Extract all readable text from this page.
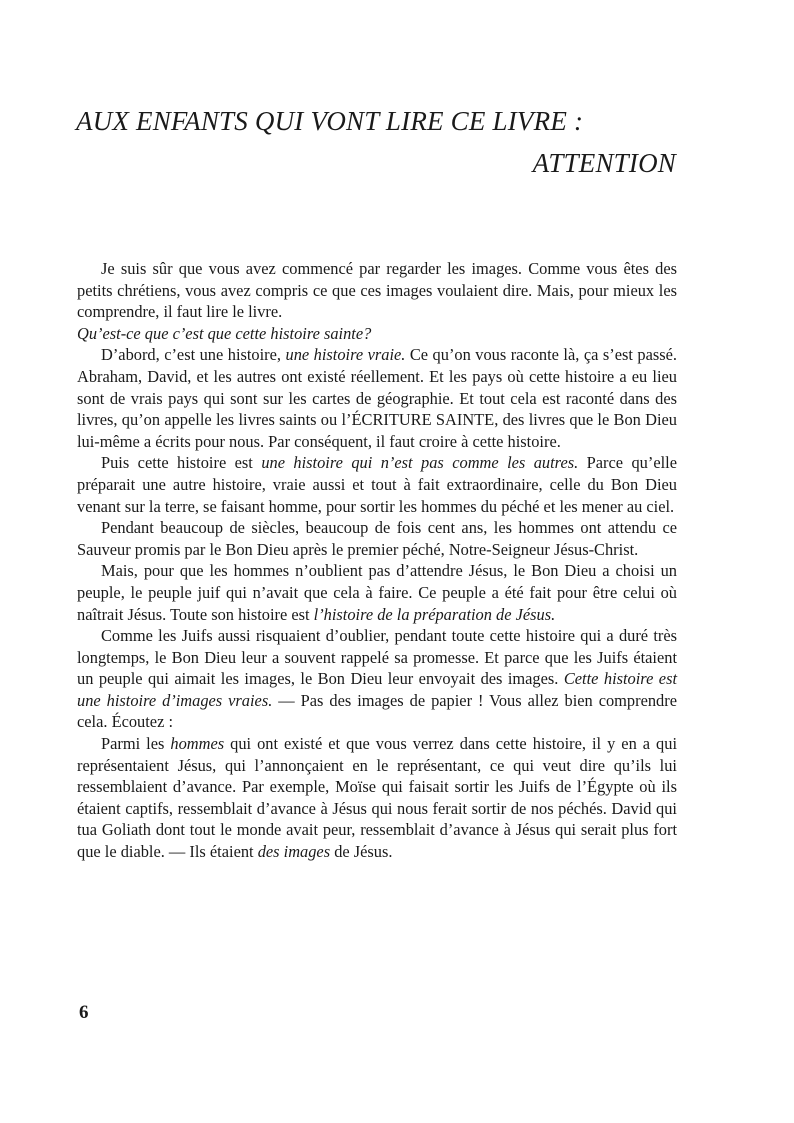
AUX ENFANTS QUI VONT LIRE CE LIVRE :
ATTENTION

Je suis sûr que vous avez commencé par regarder les images. Comme vous êtes des petits chrétiens, vous avez compris ce que ces images voulaient dire. Mais, pour mieux les comprendre, il faut lire le livre.

Qu’est-ce que c’est que cette histoire sainte?

D’abord, c’est une histoire, une histoire vraie. Ce qu’on vous raconte là, ça s’est passé. Abraham, David, et les autres ont existé réellement. Et les pays où cette histoire a eu lieu sont de vrais pays qui sont sur les cartes de géographie. Et tout cela est raconté dans des livres, qu’on appelle les livres saints ou l’ÉCRITURE SAINTE, des livres que le Bon Dieu lui-même a écrits pour nous. Par conséquent, il faut croire à cette histoire.

Puis cette histoire est une histoire qui n’est pas comme les autres. Parce qu’elle préparait une autre histoire, vraie aussi et tout à fait extraordinaire, celle du Bon Dieu venant sur la terre, se faisant homme, pour sortir les hommes du péché et les mener au ciel.

Pendant beaucoup de siècles, beaucoup de fois cent ans, les hommes ont attendu ce Sauveur promis par le Bon Dieu après le premier péché, Notre-Seigneur Jésus-Christ.

Mais, pour que les hommes n’oublient pas d’attendre Jésus, le Bon Dieu a choisi un peuple, le peuple juif qui n’avait que cela à faire. Ce peuple a été fait pour être celui où naîtrait Jésus. Toute son histoire est l’histoire de la préparation de Jésus.

Comme les Juifs aussi risquaient d’oublier, pendant toute cette histoire qui a duré très longtemps, le Bon Dieu leur a souvent rappelé sa promesse. Et parce que les Juifs étaient un peuple qui aimait les images, le Bon Dieu leur envoyait des images. Cette histoire est une histoire d’images vraies. — Pas des images de papier ! Vous allez bien comprendre cela. Écoutez :

Parmi les hommes qui ont existé et que vous verrez dans cette histoire, il y en a qui représentaient Jésus, qui l’annonçaient en le représentant, ce qui veut dire qu’ils lui ressemblaient d’avance. Par exemple, Moïse qui faisait sortir les Juifs de l’Égypte où ils étaient captifs, ressemblait d’avance à Jésus qui nous ferait sortir de nos péchés. David qui tua Goliath dont tout le monde avait peur, ressemblait d’avance à Jésus qui serait plus fort que le diable. — Ils étaient des images de Jésus.

6
